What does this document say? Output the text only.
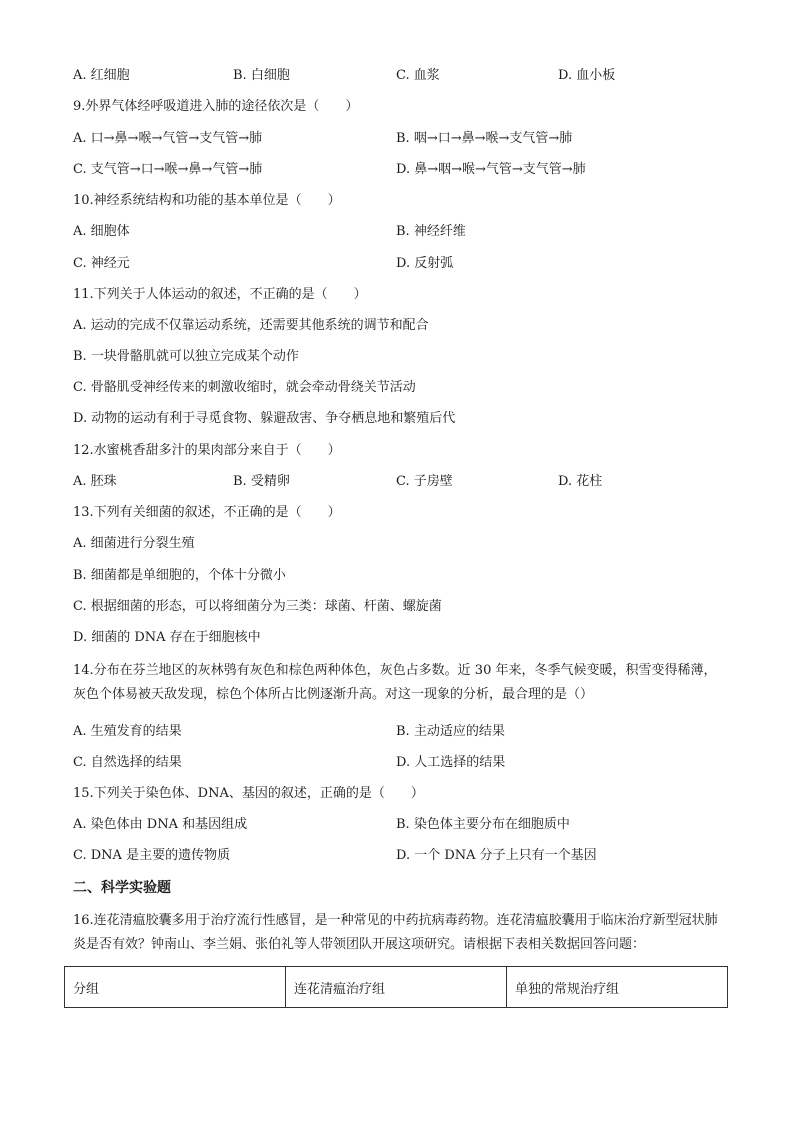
A. 红细胞	B. 白细胞	C. 血浆	D. 血小板
9.外界气体经呼吸道进入肺的途径依次是（　　）
A. 口→鼻→喉→气管→支气管→肺	B. 咽→口→鼻→喉→支气管→肺
C. 支气管→口→喉→鼻→气管→肺	D. 鼻→咽→喉→气管→支气管→肺
10.神经系统结构和功能的基本单位是（　　）
A. 细胞体	B. 神经纤维
C. 神经元	D. 反射弧
11.下列关于人体运动的叙述，不正确的是（　　）
A. 运动的完成不仅靠运动系统，还需要其他系统的调节和配合
B. 一块骨骼肌就可以独立完成某个动作
C. 骨骼肌受神经传来的刺激收缩时，就会牵动骨绕关节活动
D. 动物的运动有利于寻觅食物、躲避敌害、争夺栖息地和繁殖后代
12.水蜜桃香甜多汁的果肉部分来自于（　　）
A. 胚珠	B. 受精卵	C. 子房壁	D. 花柱
13.下列有关细菌的叙述，不正确的是（　　）
A. 细菌进行分裂生殖
B. 细菌都是单细胞的，个体十分微小
C. 根据细菌的形态，可以将细菌分为三类：球菌、杆菌、螺旋菌
D. 细菌的 DNA 存在于细胞核中
14.分布在芬兰地区的灰林鸮有灰色和棕色两种体色，灰色占多数。近 30 年来，冬季气候变暖，积雪变得稀薄，灰色个体易被天敌发现，棕色个体所占比例逐渐升高。对这一现象的分析，最合理的是（）
A. 生殖发育的结果	B. 主动适应的结果
C. 自然选择的结果	D. 人工选择的结果
15.下列关于染色体、DNA、基因的叙述，正确的是（　　）
A. 染色体由 DNA 和基因组成	B. 染色体主要分布在细胞质中
C. DNA 是主要的遗传物质	D. 一个 DNA 分子上只有一个基因
二、科学实验题
16.连花清瘟胶囊多用于治疗流行性感冒，是一种常见的中药抗病毒药物。连花清瘟胶囊用于临床治疗新型冠状肺炎是否有效？钟南山、李兰娟、张伯礼等人带领团队开展这项研究。请根据下表相关数据回答问题：
分组	连花清瘟治疗组	单独的常规治疗组
